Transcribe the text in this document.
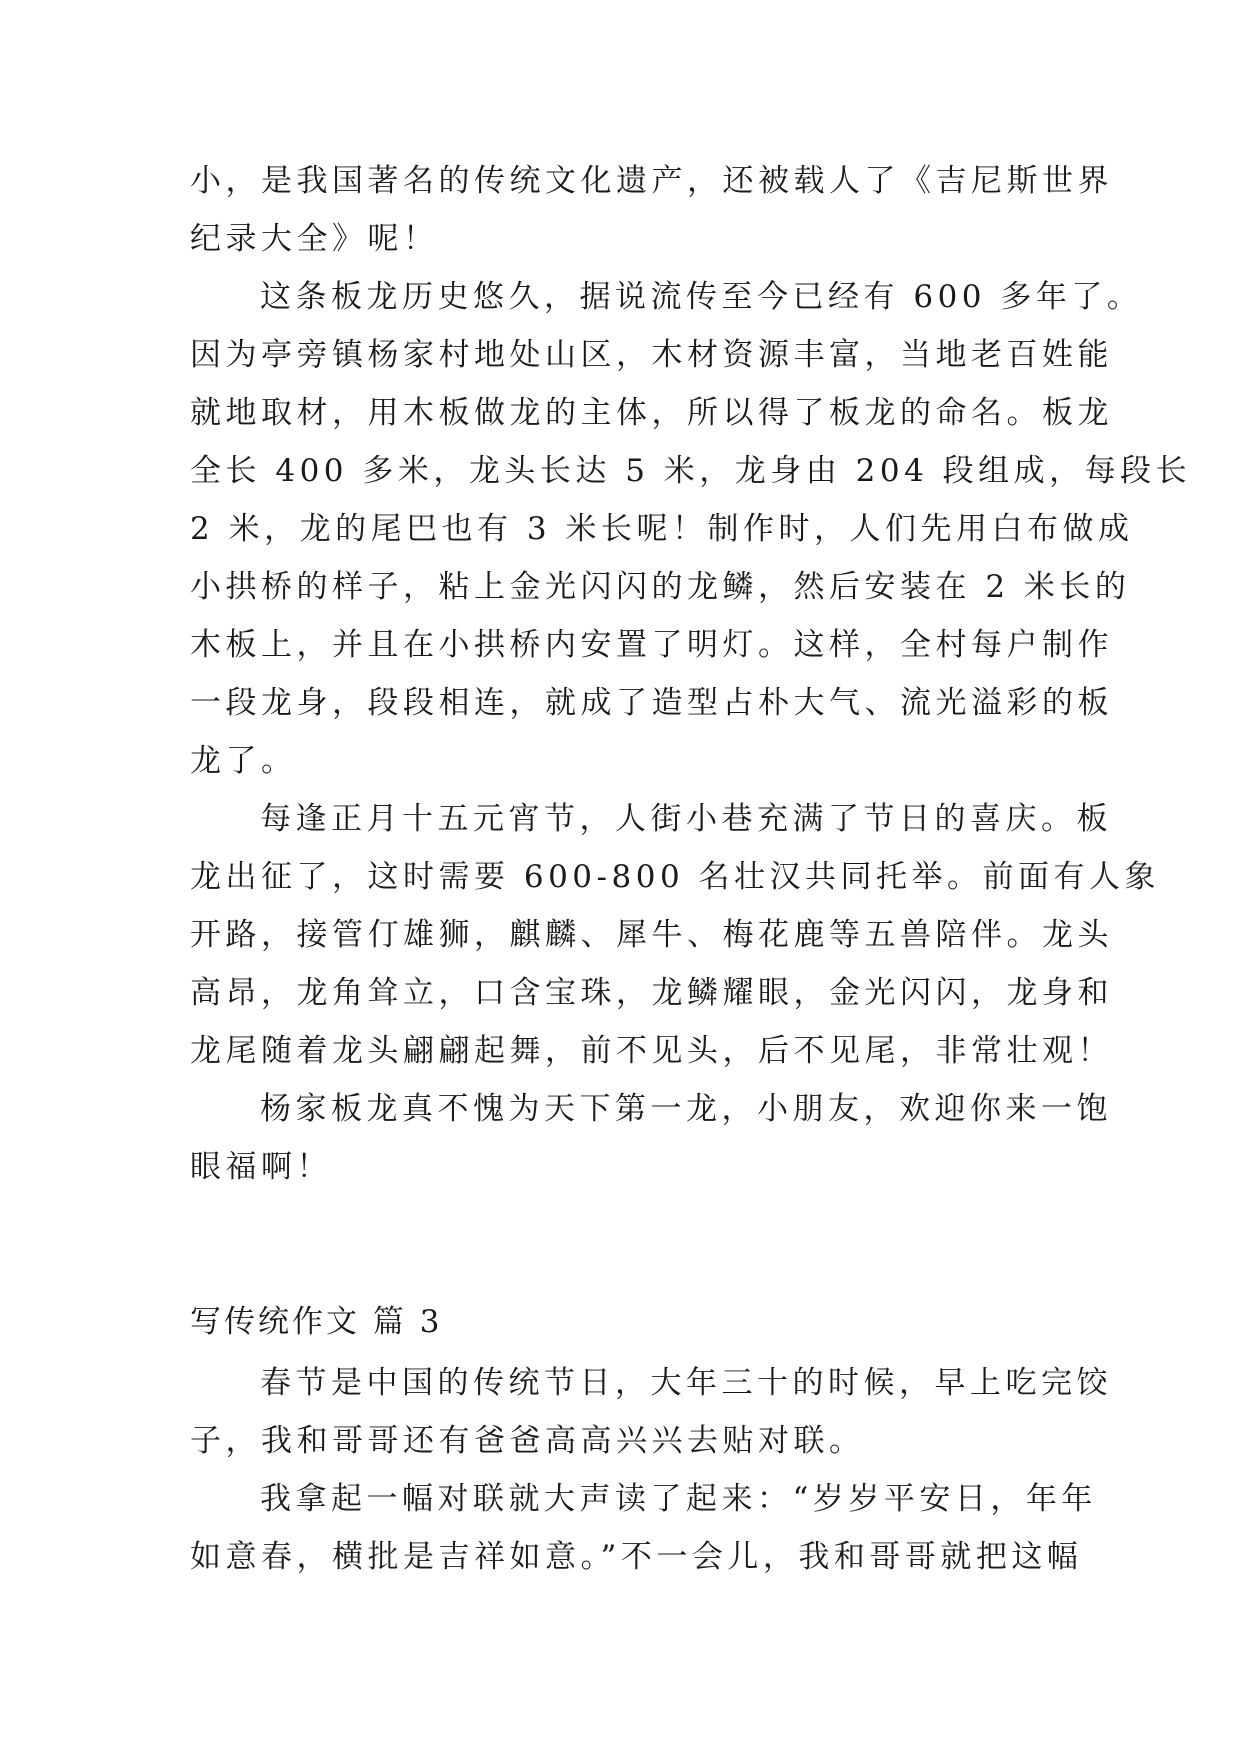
小，是我国著名的传统文化遗产，还被载人了《吉尼斯世界
纪录大全》呢！
这条板龙历史悠久，据说流传至今已经有 600 多年了。
因为亭旁镇杨家村地处山区，木材资源丰富，当地老百姓能
就地取材，用木板做龙的主体，所以得了板龙的命名。板龙
全长 400 多米，龙头长达 5 米，龙身由 204 段组成，每段长
2 米，龙的尾巴也有 3 米长呢！制作时，人们先用白布做成
小拱桥的样子，粘上金光闪闪的龙鳞，然后安装在 2 米长的
木板上，并且在小拱桥内安置了明灯。这样，全村每户制作
一段龙身，段段相连，就成了造型占朴大气、流光溢彩的板
龙了。
每逢正月十五元宵节，人街小巷充满了节日的喜庆。板
龙出征了，这时需要 600-800 名壮汉共同托举。前面有人象
开路，接管仃雄狮，麒麟、犀牛、梅花鹿等五兽陪伴。龙头
高昂，龙角耸立，口含宝珠，龙鳞耀眼，金光闪闪，龙身和
龙尾随着龙头翩翩起舞，前不见头，后不见尾，非常壮观！
杨家板龙真不愧为天下第一龙，小朋友，欢迎你来一饱
眼福啊！
写传统作文 篇 3
春节是中国的传统节日，大年三十的时候，早上吃完饺
子，我和哥哥还有爸爸高高兴兴去贴对联。
我拿起一幅对联就大声读了起来：“岁岁平安日，年年
如意春，横批是吉祥如意。”不一会儿，我和哥哥就把这幅
